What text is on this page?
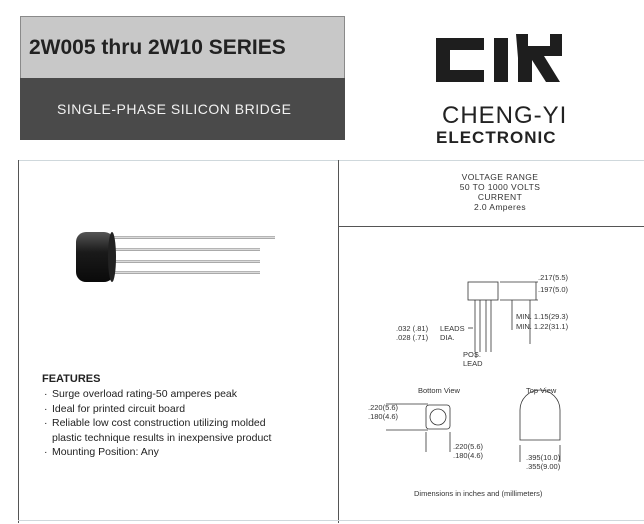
2W005 thru 2W10 SERIES
SINGLE-PHASE SILICON BRIDGE	CHENG-YI
ELECTRONIC
VOLTAGE RANGE
50 TO 1000 VOLTS
CURRENT
2.0 Amperes
.217(5.5)
.197(5.0)
MIN. 1.15(29.3)
MIN. 1.22(31.1)
.032 (.81)
.028 (.71)
LEADS
DIA.
POS.
LEAD
Bottom View	Top View
.220(5.6)
.180(4.6)
.220(5.6)
.180(4.6)	.395(10.0)
.355(9.00)
Dimensions in inches and (millimeters)
FEATURES
· Surge overload rating-50 amperes peak
· Ideal for printed circuit board
· Reliable low cost construction utilizing molded
plastic technique results in inexpensive product
· Mounting Position: Any
